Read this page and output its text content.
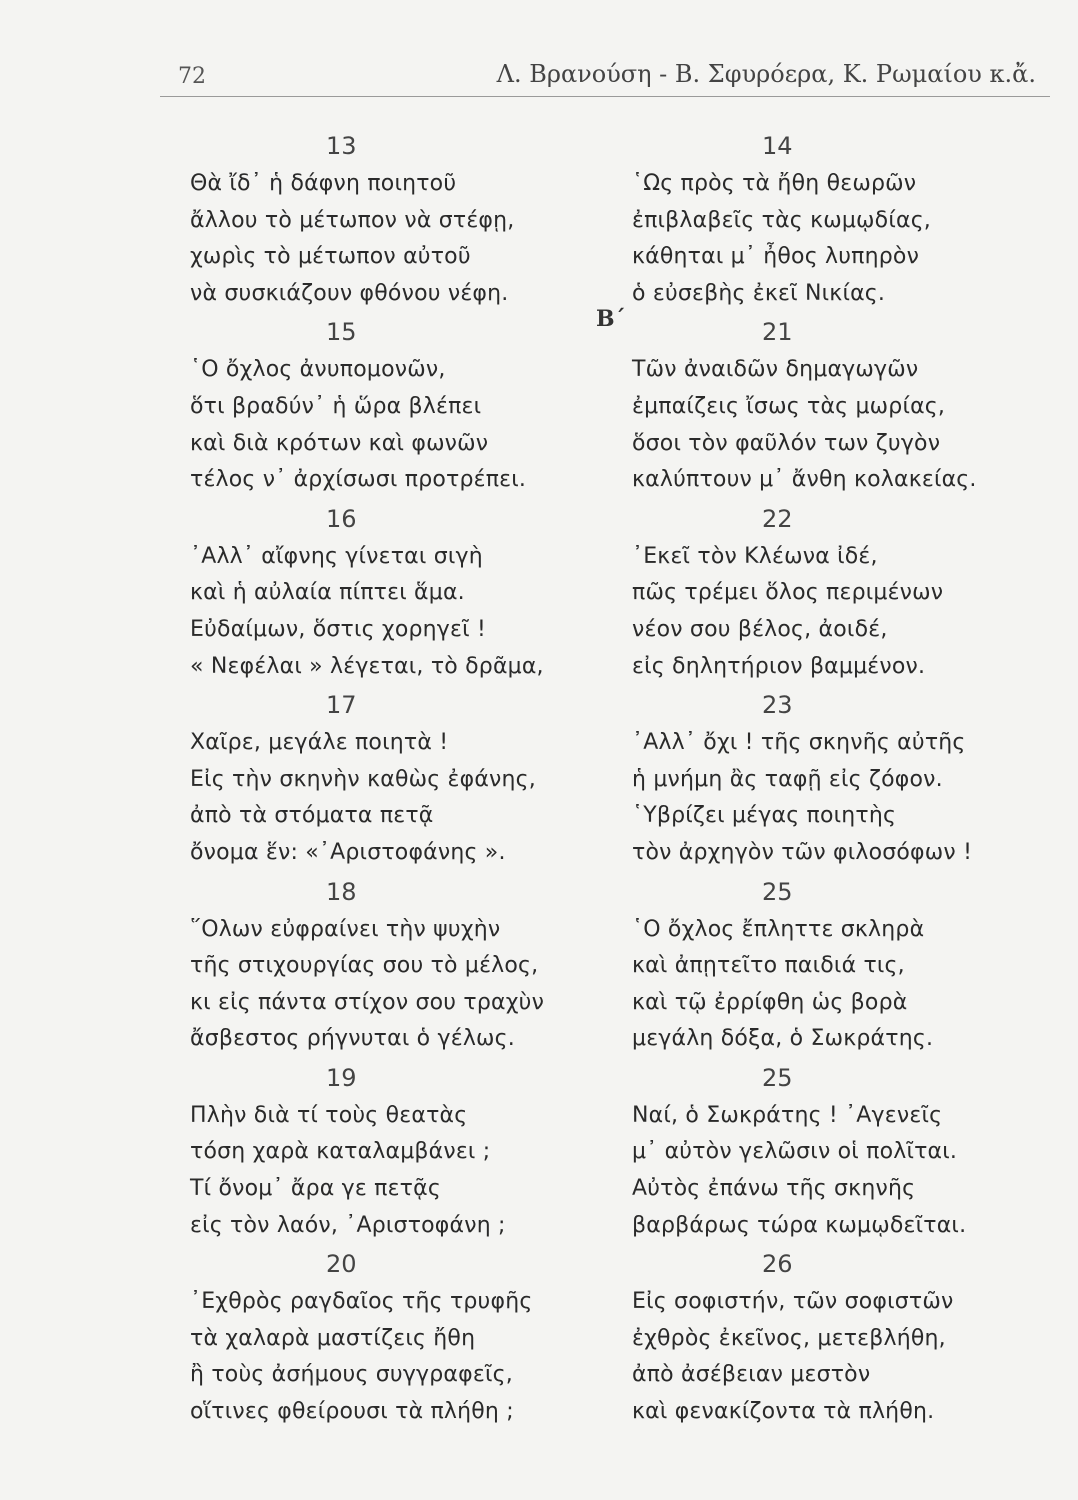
72	Λ. Βρανούση - Β. Σφυρόερα, Κ. Ρωμαίου κ.ἄ.
Β΄
13
Θὰ ἴδ᾽ ἡ δάφνη ποιητοῦ
ἄλλου τὸ μέτωπον νὰ στέφῃ,
χωρὶς τὸ μέτωπον αὐτοῦ
νὰ συσκιάζουν φθόνου νέφη.
15
῾Ο ὄχλος ἀνυπομονῶν,
ὅτι βραδύν᾽ ἡ ὥρα βλέπει
καὶ διὰ κρότων καὶ φωνῶν
τέλος ν᾽ ἀρχίσωσι προτρέπει.
16
᾽Αλλ᾽ αἴφνης γίνεται σιγὴ
καὶ ἡ αὐλαία πίπτει ἅμα.
Εὐδαίμων, ὅστις χορηγεῖ !
« Νεφέλαι » λέγεται, τὸ δρᾶμα,
17
Χαῖρε, μεγάλε ποιητὰ !
Εἰς τὴν σκηνὴν καθὼς ἐφάνης,
ἀπὸ τὰ στόματα πετᾷ
ὄνομα ἕν: «᾽Αριστοφάνης ».
18
῞Ολων εὐφραίνει τὴν ψυχὴν
τῆς στιχουργίας σου τὸ μέλος,
κι εἰς πάντα στίχον σου τραχὺν
ἄσβεστος ρήγνυται ὁ γέλως.
19
Πλὴν διὰ τί τοὺς θεατὰς
τόση χαρὰ καταλαμβάνει ;
Τί ὄνομ᾽ ἄρα γε πετᾷς
εἰς τὸν λαόν, ᾽Αριστοφάνη ;
20
᾽Εχθρὸς ραγδαῖος τῆς τρυφῆς
τὰ χαλαρὰ μαστίζεις ἤθη
ἢ τοὺς ἀσήμους συγγραφεῖς,
οἵτινες φθείρουσι τὰ πλήθη ;
14
῾Ως πρὸς τὰ ἤθη θεωρῶν
ἐπιβλαβεῖς τὰς κωμῳδίας,
κάθηται μ᾽ ἦθος λυπηρὸν
ὁ εὐσεβὴς ἐκεῖ Νικίας.
21
Τῶν ἀναιδῶν δημαγωγῶν
ἐμπαίζεις ἴσως τὰς μωρίας,
ὅσοι τὸν φαῦλόν των ζυγὸν
καλύπτουν μ᾽ ἄνθη κολακείας.
22
᾽Εκεῖ τὸν Κλέωνα ἰδέ,
πῶς τρέμει ὅλος περιμένων
νέον σου βέλος, ἀοιδέ,
εἰς δηλητήριον βαμμένον.
23
᾽Αλλ᾽ ὄχι ! τῆς σκηνῆς αὐτῆς
ἡ μνήμη ἂς ταφῇ εἰς ζόφον.
῾Υβρίζει μέγας ποιητὴς
τὸν ἀρχηγὸν τῶν φιλοσόφων !
25
῾Ο ὄχλος ἔπληττε σκληρὰ
καὶ ἀπῃτεῖτο παιδιά τις,
καὶ τῷ ἐρρίφθη ὡς βορὰ
μεγάλη δόξα, ὁ Σωκράτης.
25
Ναί, ὁ Σωκράτης ! ᾽Αγενεῖς
μ᾽ αὐτὸν γελῶσιν οἱ πολῖται.
Αὐτὸς ἐπάνω τῆς σκηνῆς
βαρβάρως τώρα κωμῳδεῖται.
26
Εἰς σοφιστήν, τῶν σοφιστῶν
ἐχθρὸς ἐκεῖνος, μετεβλήθη,
ἀπὸ ἀσέβειαν μεστὸν
καὶ φενακίζοντα τὰ πλήθη.
